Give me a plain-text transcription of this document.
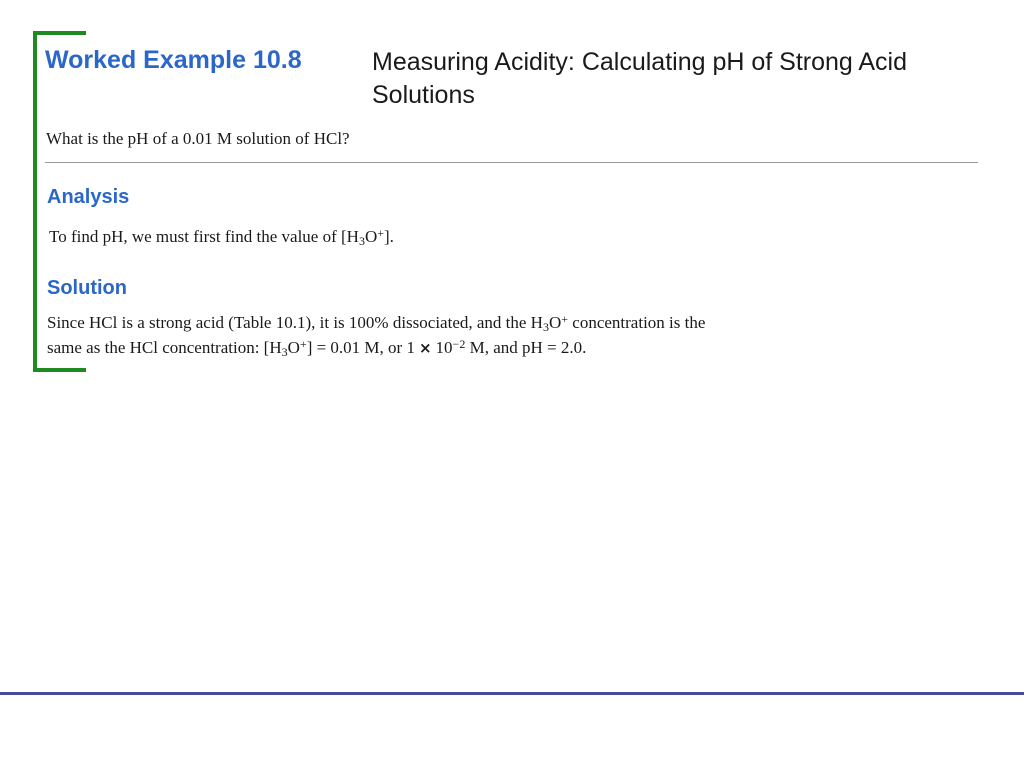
Worked Example 10.8	Measuring Acidity: Calculating pH of Strong Acid Solutions
What is the pH of a 0.01 M solution of HCl?
Analysis
To find pH, we must first find the value of $[H_3O^+]$.
Solution
Since HCl is a strong acid (Table 10.1), it is 100% dissociated, and the $H_3O^+$ concentration is the
same as the HCl concentration: $[H_3O^+] = 0.01$ M, or $1 \times 10^{-2}$ M, and pH = 2.0.
